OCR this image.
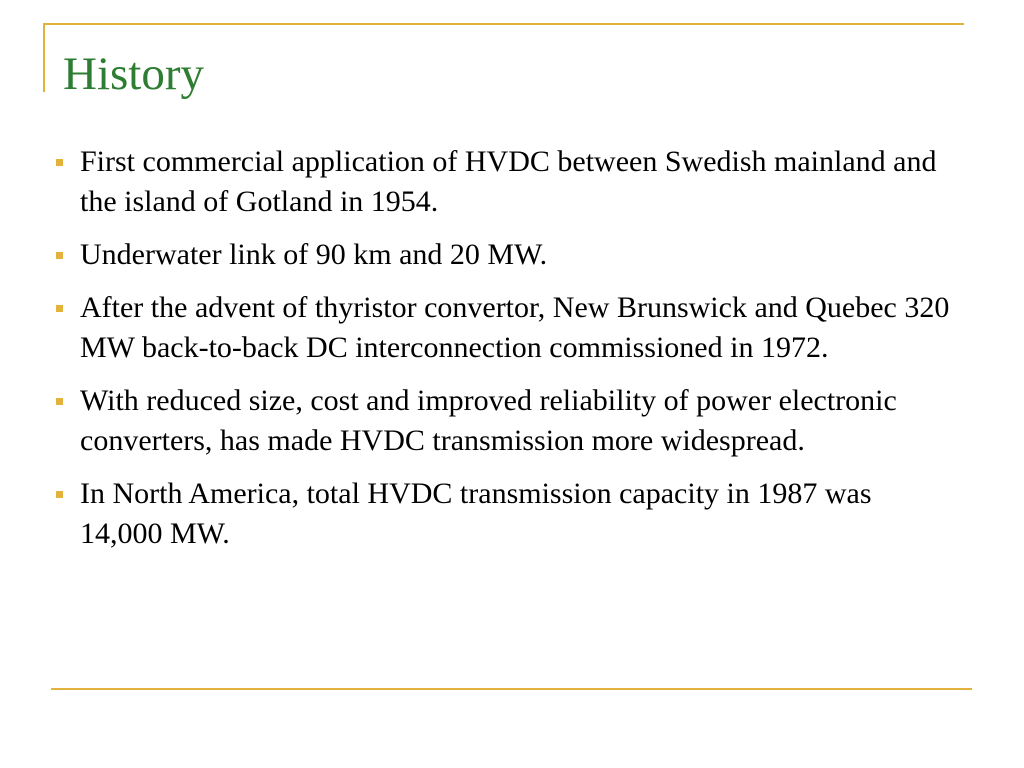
History
First commercial application of HVDC between Swedish mainland and the island of Gotland in 1954.
Underwater link of 90 km and 20 MW.
After the advent of thyristor convertor, New Brunswick and Quebec 320 MW back-to-back DC interconnection commissioned in 1972.
With reduced size, cost and improved reliability of power electronic converters, has made HVDC transmission more widespread.
In North America, total HVDC transmission capacity in 1987 was 14,000 MW.
